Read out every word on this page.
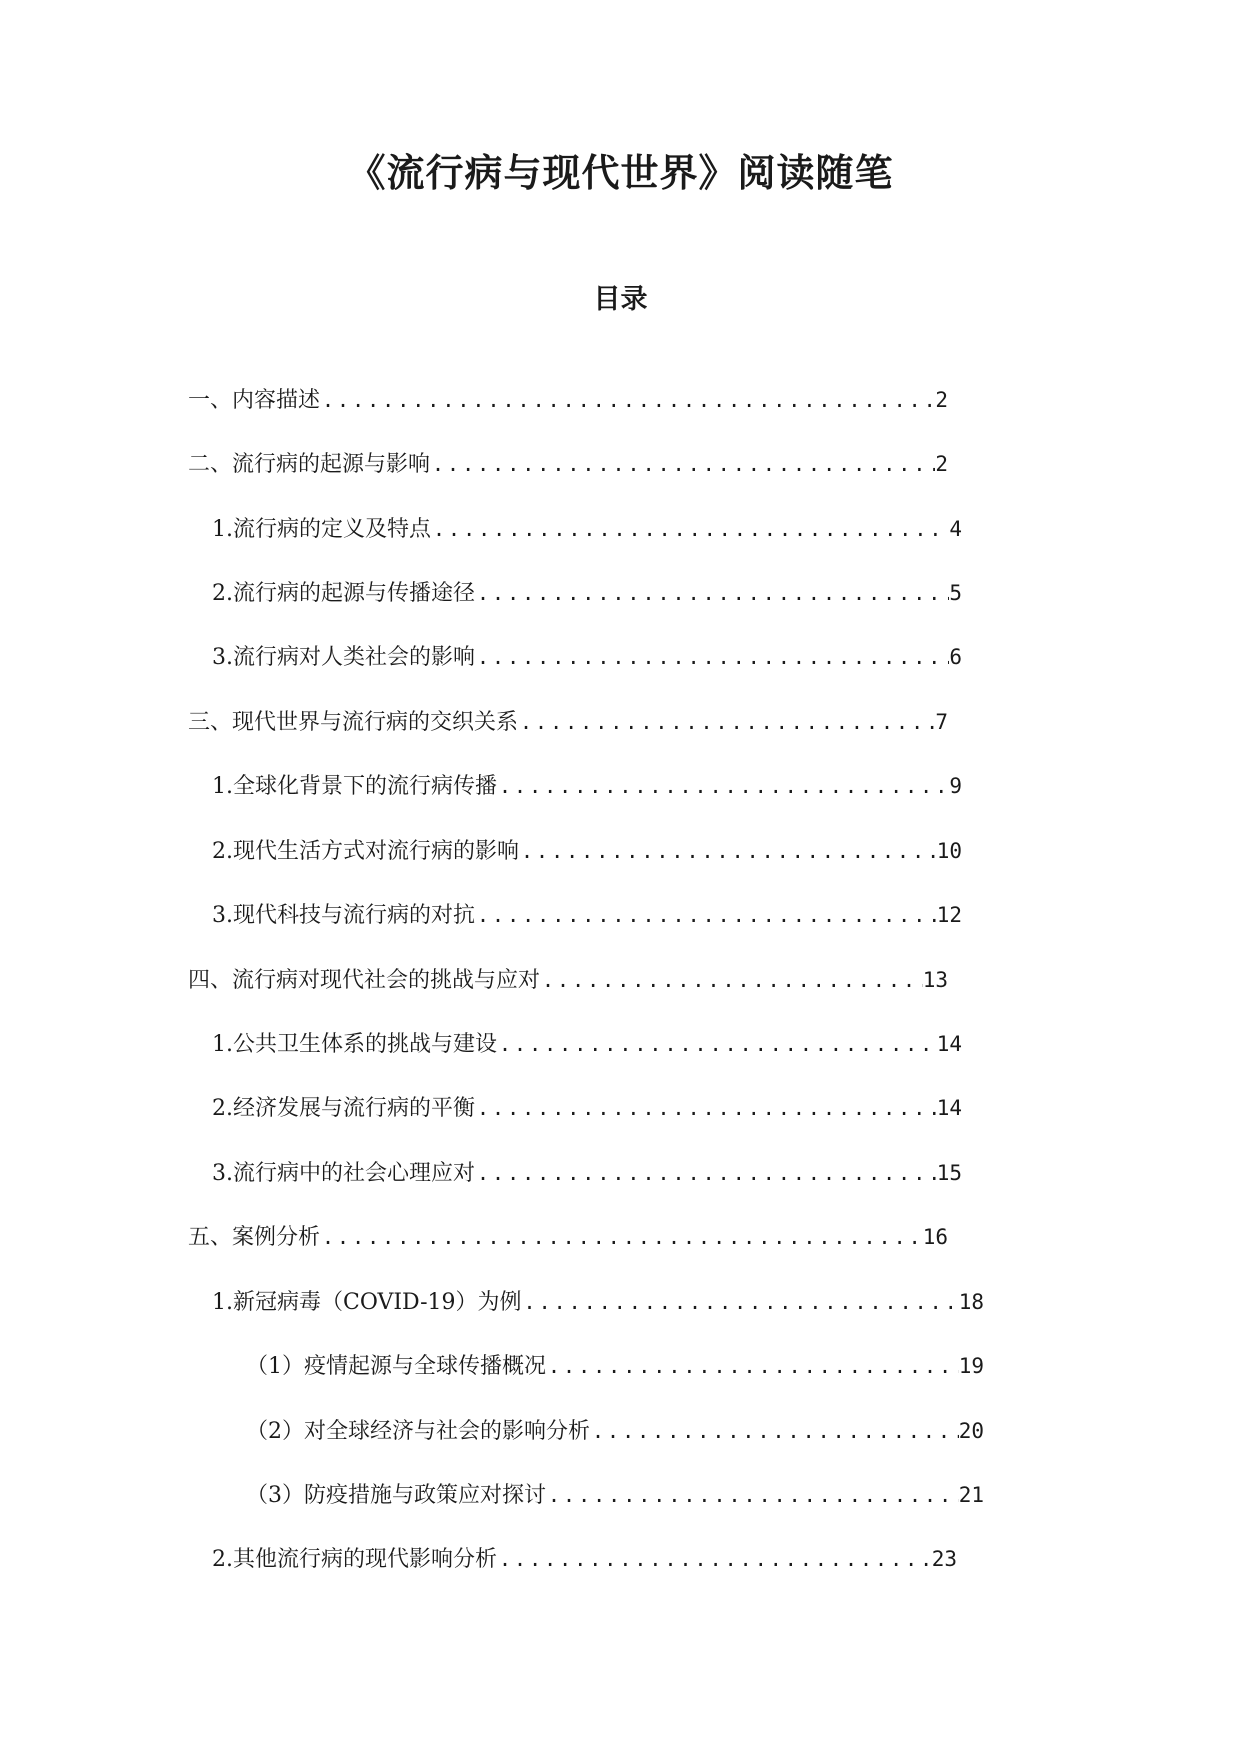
《流行病与现代世界》阅读随笔
目录
一、内容描述 .....	2
二、流行病的起源与影响 .....	2
1. 流行病的定义及特点 .....	4
2. 流行病的起源与传播途径 .....	5
3. 流行病对人类社会的影响 .....	6
三、现代世界与流行病的交织关系 .....	7
1. 全球化背景下的流行病传播 .....	9
2. 现代生活方式对流行病的影响 .....	10
3. 现代科技与流行病的对抗 .....	12
四、流行病对现代社会的挑战与应对 .....	13
1. 公共卫生体系的挑战与建设 .....	14
2. 经济发展与流行病的平衡 .....	14
3. 流行病中的社会心理应对 .....	15
五、案例分析 .....	16
1. 新冠病毒（COVID-19）为例 .....	18
（1）疫情起源与全球传播概况 .....	19
（2）对全球经济与社会的影响分析 .....	20
（3）防疫措施与政策应对探讨 .....	21
2. 其他流行病的现代影响分析 .....	23
